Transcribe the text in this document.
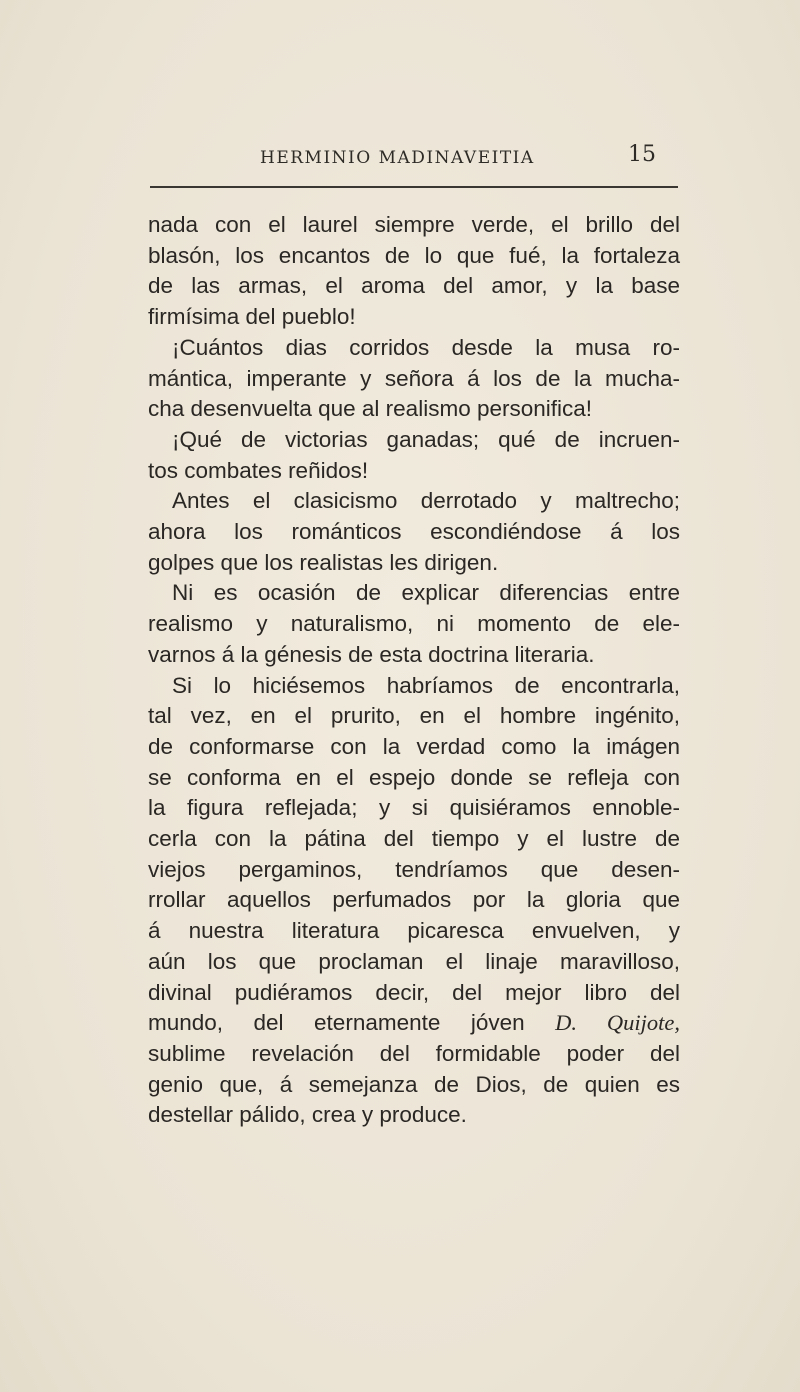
HERMINIO MADINAVEITIA	15
nada con el laurel siempre verde, el brillo del
blasón, los encantos de lo que fué, la fortaleza
de las armas, el aroma del amor, y la base
firmísima del pueblo!
¡Cuántos dias corridos desde la musa ro-
mántica, imperante y señora á los de la mucha-
cha desenvuelta que al realismo personifica!
¡Qué de victorias ganadas; qué de incruen-
tos combates reñidos!
Antes el clasicismo derrotado y maltrecho;
ahora los románticos escondiéndose á los
golpes que los realistas les dirigen.
Ni es ocasión de explicar diferencias entre
realismo y naturalismo, ni momento de ele-
varnos á la génesis de esta doctrina literaria.
Si lo hiciésemos habríamos de encontrarla,
tal vez, en el prurito, en el hombre ingénito,
de conformarse con la verdad como la imágen
se conforma en el espejo donde se refleja con
la figura reflejada; y si quisiéramos ennoble-
cerla con la pátina del tiempo y el lustre de
viejos pergaminos, tendríamos que desen-
rrollar aquellos perfumados por la gloria que
á nuestra literatura picaresca envuelven, y
aún los que proclaman el linaje maravilloso,
divinal pudiéramos decir, del mejor libro del
mundo, del eternamente jóven D. Quijote,
sublime revelación del formidable poder del
genio que, á semejanza de Dios, de quien es
destellar pálido, crea y produce.
